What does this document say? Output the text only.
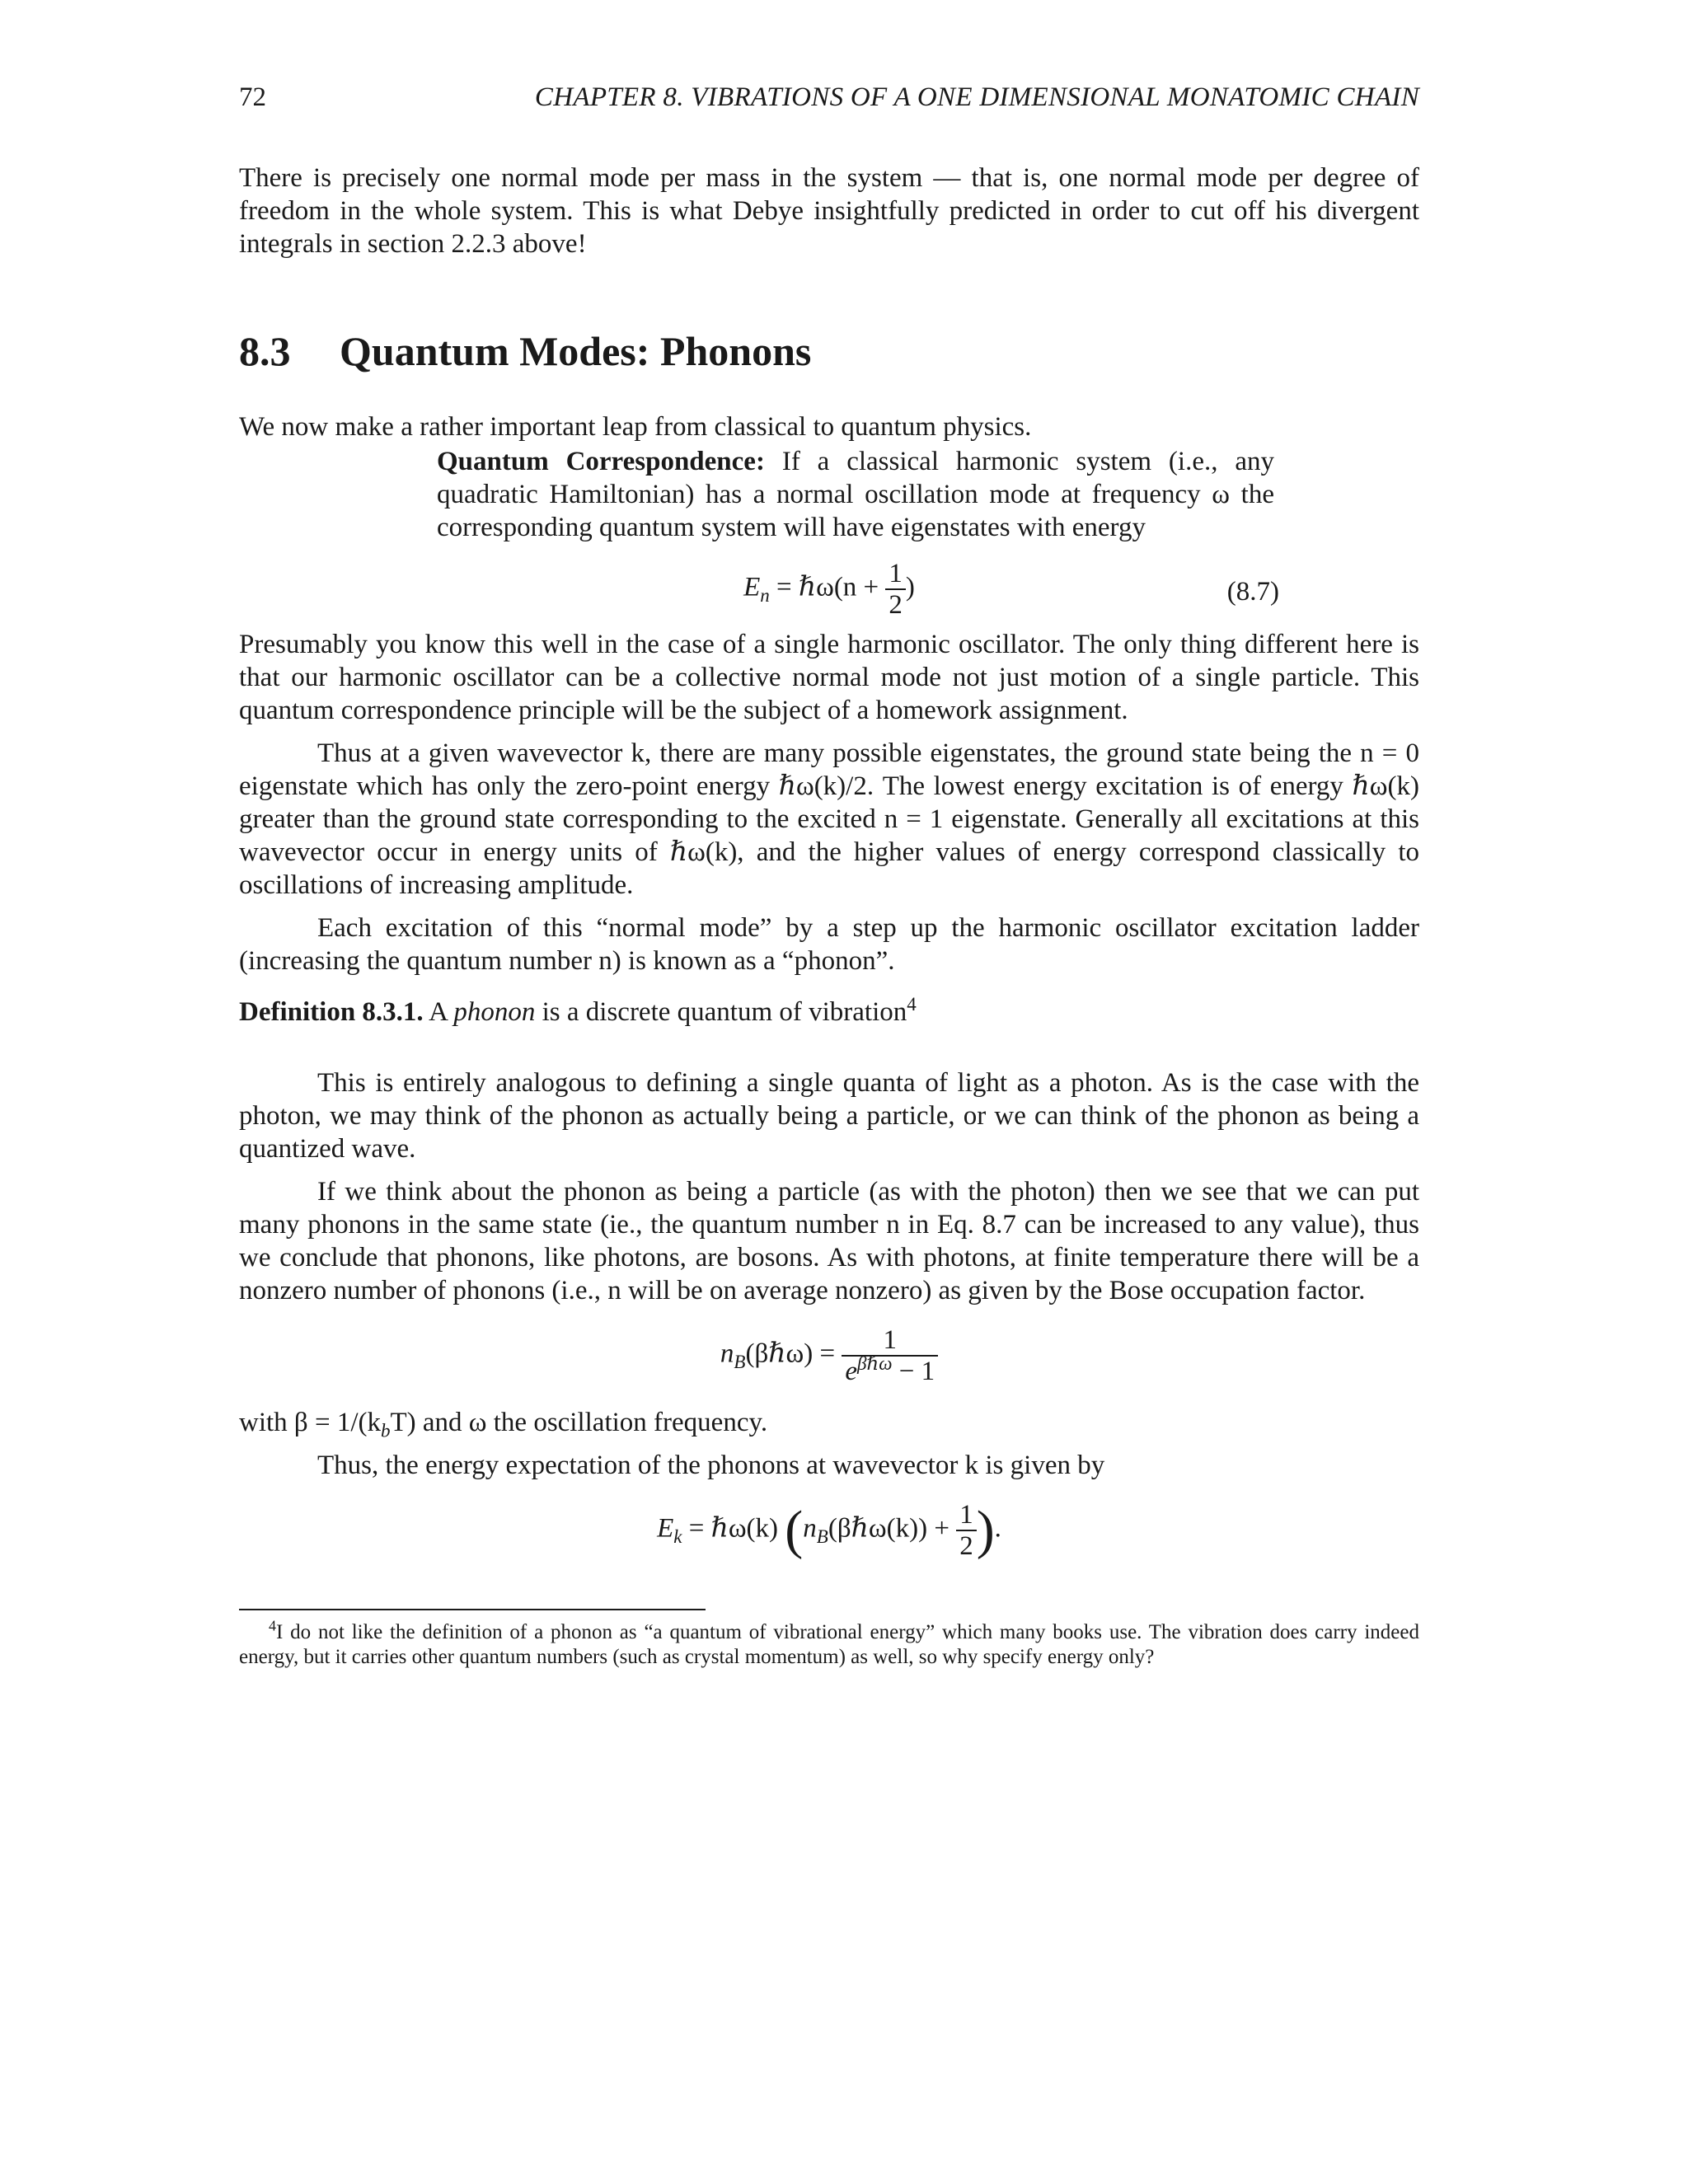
72	CHAPTER 8. VIBRATIONS OF A ONE DIMENSIONAL MONATOMIC CHAIN

There is precisely one normal mode per mass in the system — that is, one normal mode per degree of freedom in the whole system. This is what Debye insightfully predicted in order to cut off his divergent integrals in section 2.2.3 above!

8.3 Quantum Modes: Phonons

We now make a rather important leap from classical to quantum physics.

Quantum Correspondence: If a classical harmonic system (i.e., any quadratic Hamiltonian) has a normal oscillation mode at frequency ω the corresponding quantum system will have eigenstates with energy
$E_n$ = ℏω(n + $\frac{1}{2}$ )	(8.7)

Presumably you know this well in the case of a single harmonic oscillator. The only thing different here is that our harmonic oscillator can be a collective normal mode not just motion of a single particle. This quantum correspondence principle will be the subject of a homework assignment.

Thus at a given wavevector k, there are many possible eigenstates, the ground state being the n = 0 eigenstate which has only the zero-point energy ℏω(k)/2. The lowest energy excitation is of energy ℏω(k) greater than the ground state corresponding to the excited n = 1 eigenstate. Generally all excitations at this wavevector occur in energy units of ℏω(k), and the higher values of energy correspond classically to oscillations of increasing amplitude.

Each excitation of this “normal mode” by a step up the harmonic oscillator excitation ladder (increasing the quantum number n) is known as a “phonon”.

Definition 8.3.1. A phonon is a discrete quantum of vibration$^4$

This is entirely analogous to defining a single quanta of light as a photon. As is the case with the photon, we may think of the phonon as actually being a particle, or we can think of the phonon as being a quantized wave.

If we think about the phonon as being a particle (as with the photon) then we see that we can put many phonons in the same state (ie., the quantum number n in Eq. 8.7 can be increased to any value), thus we conclude that phonons, like photons, are bosons. As with photons, at finite temperature there will be a nonzero number of phonons (i.e., n will be on average nonzero) as given by the Bose occupation factor.

$n_B(\beta\hbar\omega) = \frac{1}{e^{\beta\hbar\omega} - 1}$

with $\beta = 1/(k_bT)$ and ω the oscillation frequency.

Thus, the energy expectation of the phonons at wavevector k is given by

$E_k$ = ℏω(k) ($n_B(\beta\hbar\omega(k)) + \frac{1}{2}$ ).

$^4$I do not like the definition of a phonon as “a quantum of vibrational energy” which many books use. The vibration does carry indeed energy, but it carries other quantum numbers (such as crystal momentum) as well, so why specify energy only?
